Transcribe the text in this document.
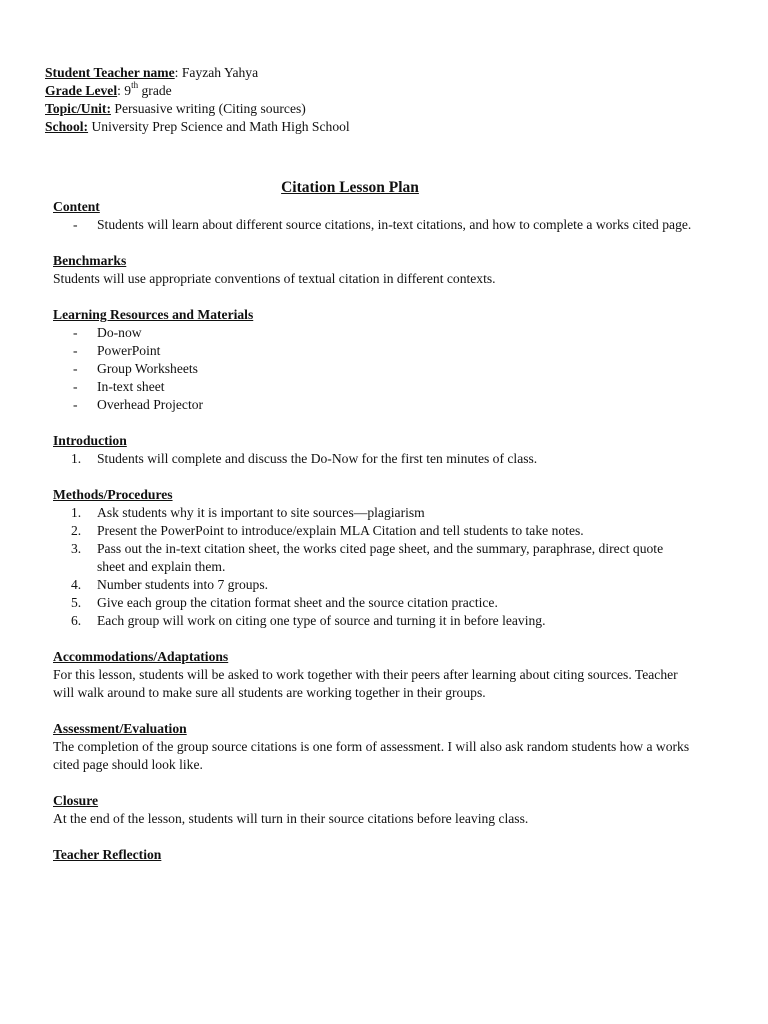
Student Teacher name: Fayzah Yahya
Grade Level: 9th grade
Topic/Unit: Persuasive writing (Citing sources)
School: University Prep Science and Math High School
Citation Lesson Plan
Content
- Students will learn about different source citations, in-text citations, and how to complete a works cited page.
Benchmarks

Students will use appropriate conventions of textual citation in different contexts.

Learning Resources and Materials
- Do-now
- PowerPoint
- Group Worksheets
- In-text sheet
- Overhead Projector
Introduction
1. Students will complete and discuss the Do-Now for the first ten minutes of class.
Methods/Procedures
1. Ask students why it is important to site sources—plagiarism
2. Present the PowerPoint to introduce/explain MLA Citation and tell students to take notes.
3. Pass out the in-text citation sheet, the works cited page sheet, and the summary, paraphrase, direct quote sheet and explain them.
4. Number students into 7 groups.
5. Give each group the citation format sheet and the source citation practice.
6. Each group will work on citing one type of source and turning it in before leaving.
Accommodations/Adaptations

For this lesson, students will be asked to work together with their peers after learning about citing sources. Teacher will walk around to make sure all students are working together in their groups.

Assessment/Evaluation

The completion of the group source citations is one form of assessment. I will also ask random students how a works cited page should look like.

Closure

At the end of the lesson, students will turn in their source citations before leaving class.

Teacher Reflection
